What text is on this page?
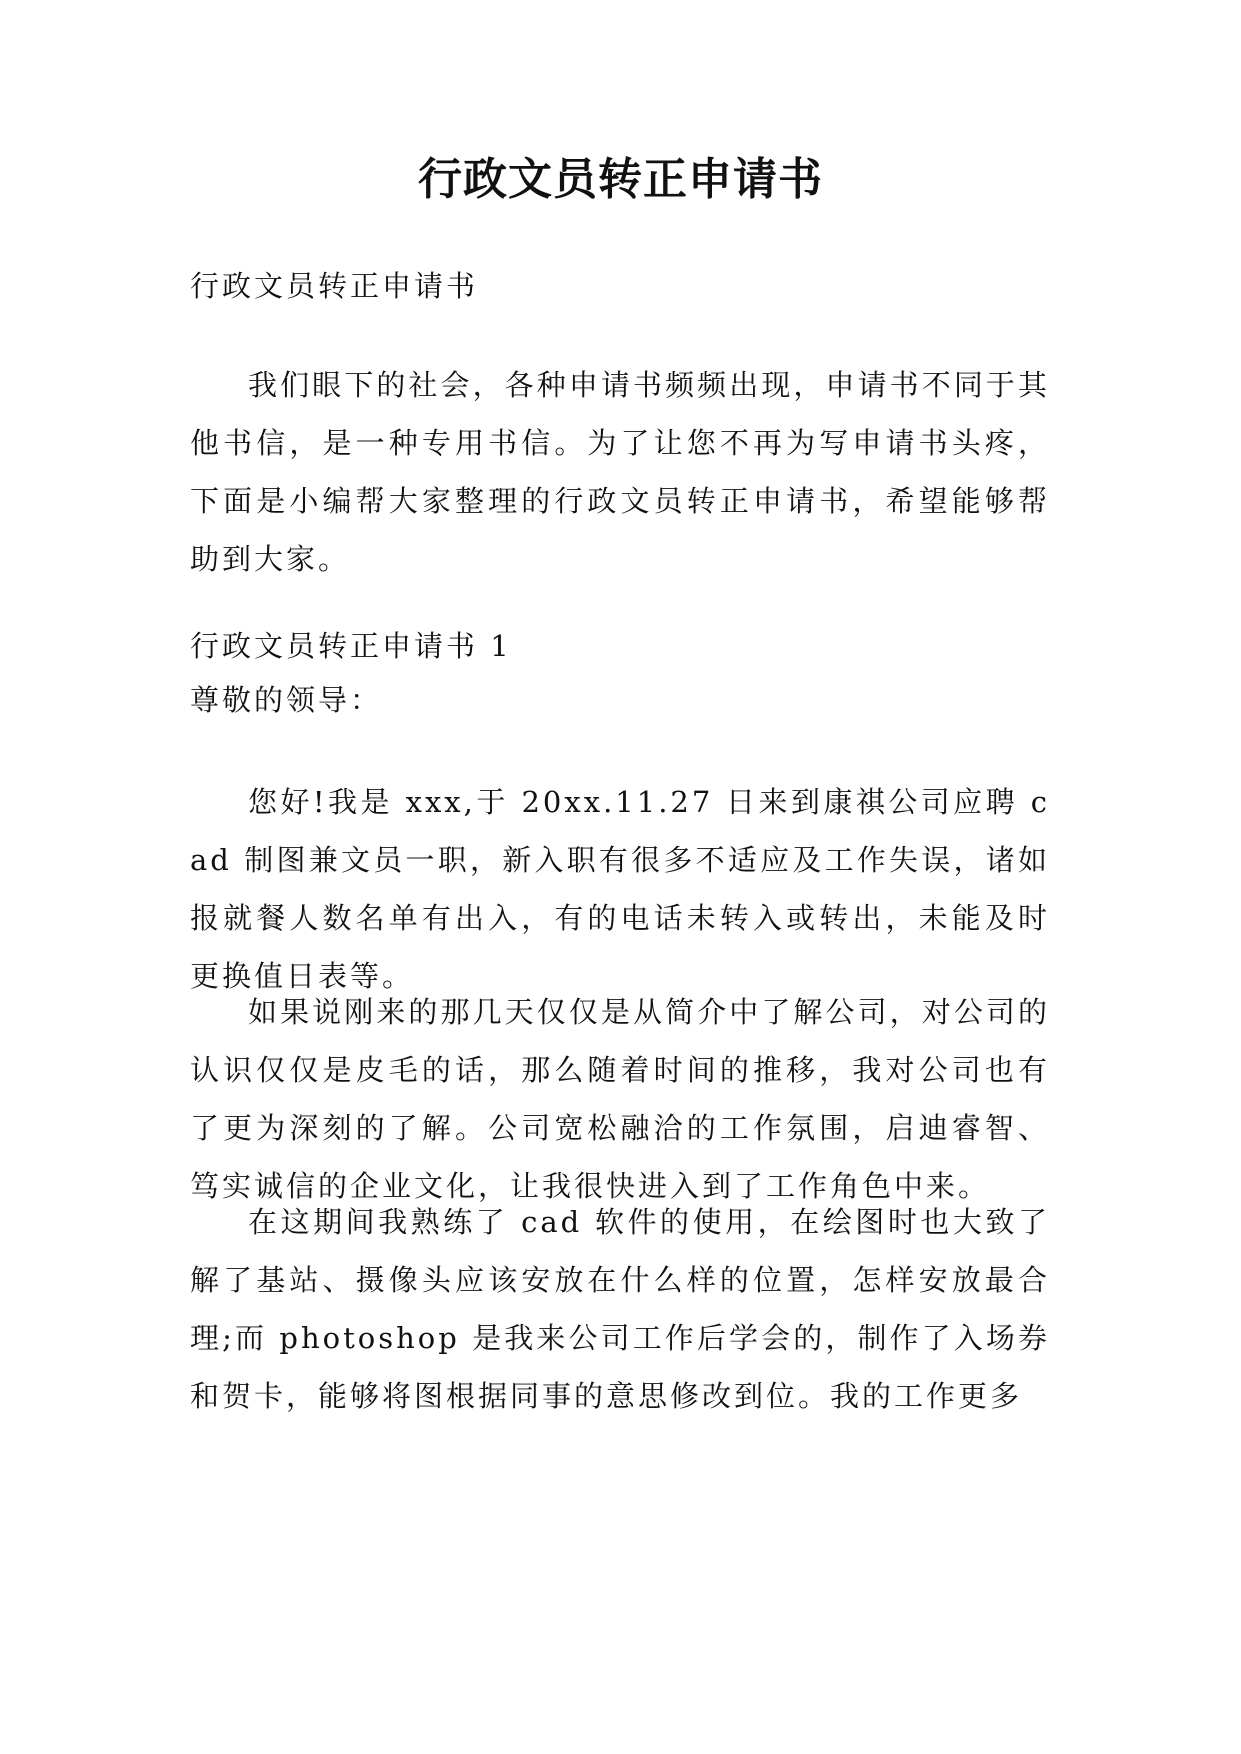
行政文员转正申请书

行政文员转正申请书

我们眼下的社会，各种申请书频频出现，申请书不同于其他书信，是一种专用书信。为了让您不再为写申请书头疼，下面是小编帮大家整理的行政文员转正申请书，希望能够帮助到大家。

行政文员转正申请书 1

尊敬的领导：

您好!我是 xxx,于 20xx.11.27 日来到康祺公司应聘 cad 制图兼文员一职，新入职有很多不适应及工作失误，诸如报就餐人数名单有出入，有的电话未转入或转出，未能及时更换值日表等。

如果说刚来的那几天仅仅是从简介中了解公司，对公司的认识仅仅是皮毛的话，那么随着时间的推移，我对公司也有了更为深刻的了解。公司宽松融洽的工作氛围，启迪睿智、笃实诚信的企业文化，让我很快进入到了工作角色中来。

在这期间我熟练了 cad 软件的使用，在绘图时也大致了解了基站、摄像头应该安放在什么样的位置，怎样安放最合理;而 photoshop 是我来公司工作后学会的，制作了入场券和贺卡，能够将图根据同事的意思修改到位。我的工作更多
